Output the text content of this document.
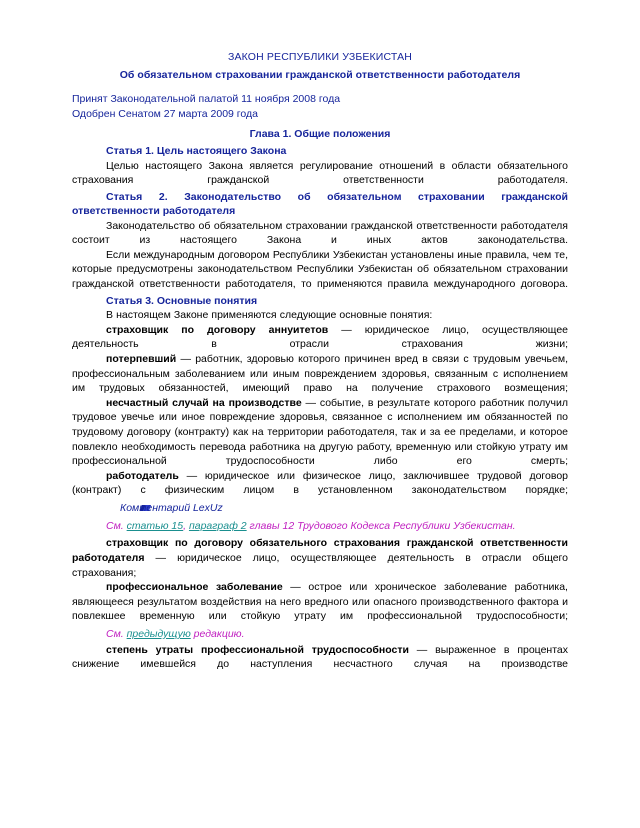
ЗАКОН РЕСПУБЛИКИ УЗБЕКИСТАН
Об обязательном страховании гражданской ответственности работодателя
Принят Законодательной палатой 11 ноября 2008 года
Одобрен Сенатом 27 марта 2009 года
Глава 1. Общие положения
Статья 1. Цель настоящего Закона

Целью настоящего Закона является регулирование отношений в области обязательного страхования гражданской ответственности работодателя.

Статья 2. Законодательство об обязательном страховании гражданской ответственности работодателя

Законодательство об обязательном страховании гражданской ответственности работодателя состоит из настоящего Закона и иных актов законодательства.

Если международным договором Республики Узбекистан установлены иные правила, чем те, которые предусмотрены законодательством Республики Узбекистан об обязательном страховании гражданской ответственности работодателя, то применяются правила международного договора.

Статья 3. Основные понятия

В настоящем Законе применяются следующие основные понятия:

страховщик по договору аннуитетов — юридическое лицо, осуществляющее деятельность в отрасли страхования жизни;

потерпевший — работник, здоровью которого причинен вред в связи с трудовым увечьем, профессиональным заболеванием или иным повреждением здоровья, связанным с исполнением им трудовых обязанностей, имеющий право на получение страхового возмещения;

несчастный случай на производстве — событие, в результате которого работник получил трудовое увечье или иное повреждение здоровья, связанное с исполнением им обязанностей по трудовому договору (контракту) как на территории работодателя, так и за ее пределами, и которое повлекло необходимость перевода работника на другую работу, временную или стойкую утрату им профессиональной трудоспособности либо его смерть;

работодатель — юридическое или физическое лицо, заключившее трудовой договор (контракт) с физическим лицом в установленном законодательством порядке;

Комментарий LexUz

См. статью 15, параграф 2 главы 12 Трудового Кодекса Республики Узбекистан.

страховщик по договору обязательного страхования гражданской ответственности работодателя — юридическое лицо, осуществляющее деятельность в отрасли общего страхования;

профессиональное заболевание — острое или хроническое заболевание работника, являющееся результатом воздействия на него вредного или опасного производственного фактора и повлекшее временную или стойкую утрату им профессиональной трудоспособности;

См. предыдущую редакцию.

степень утраты профессиональной трудоспособности — выраженное в процентах снижение имевшейся до наступления несчастного случая на производстве
